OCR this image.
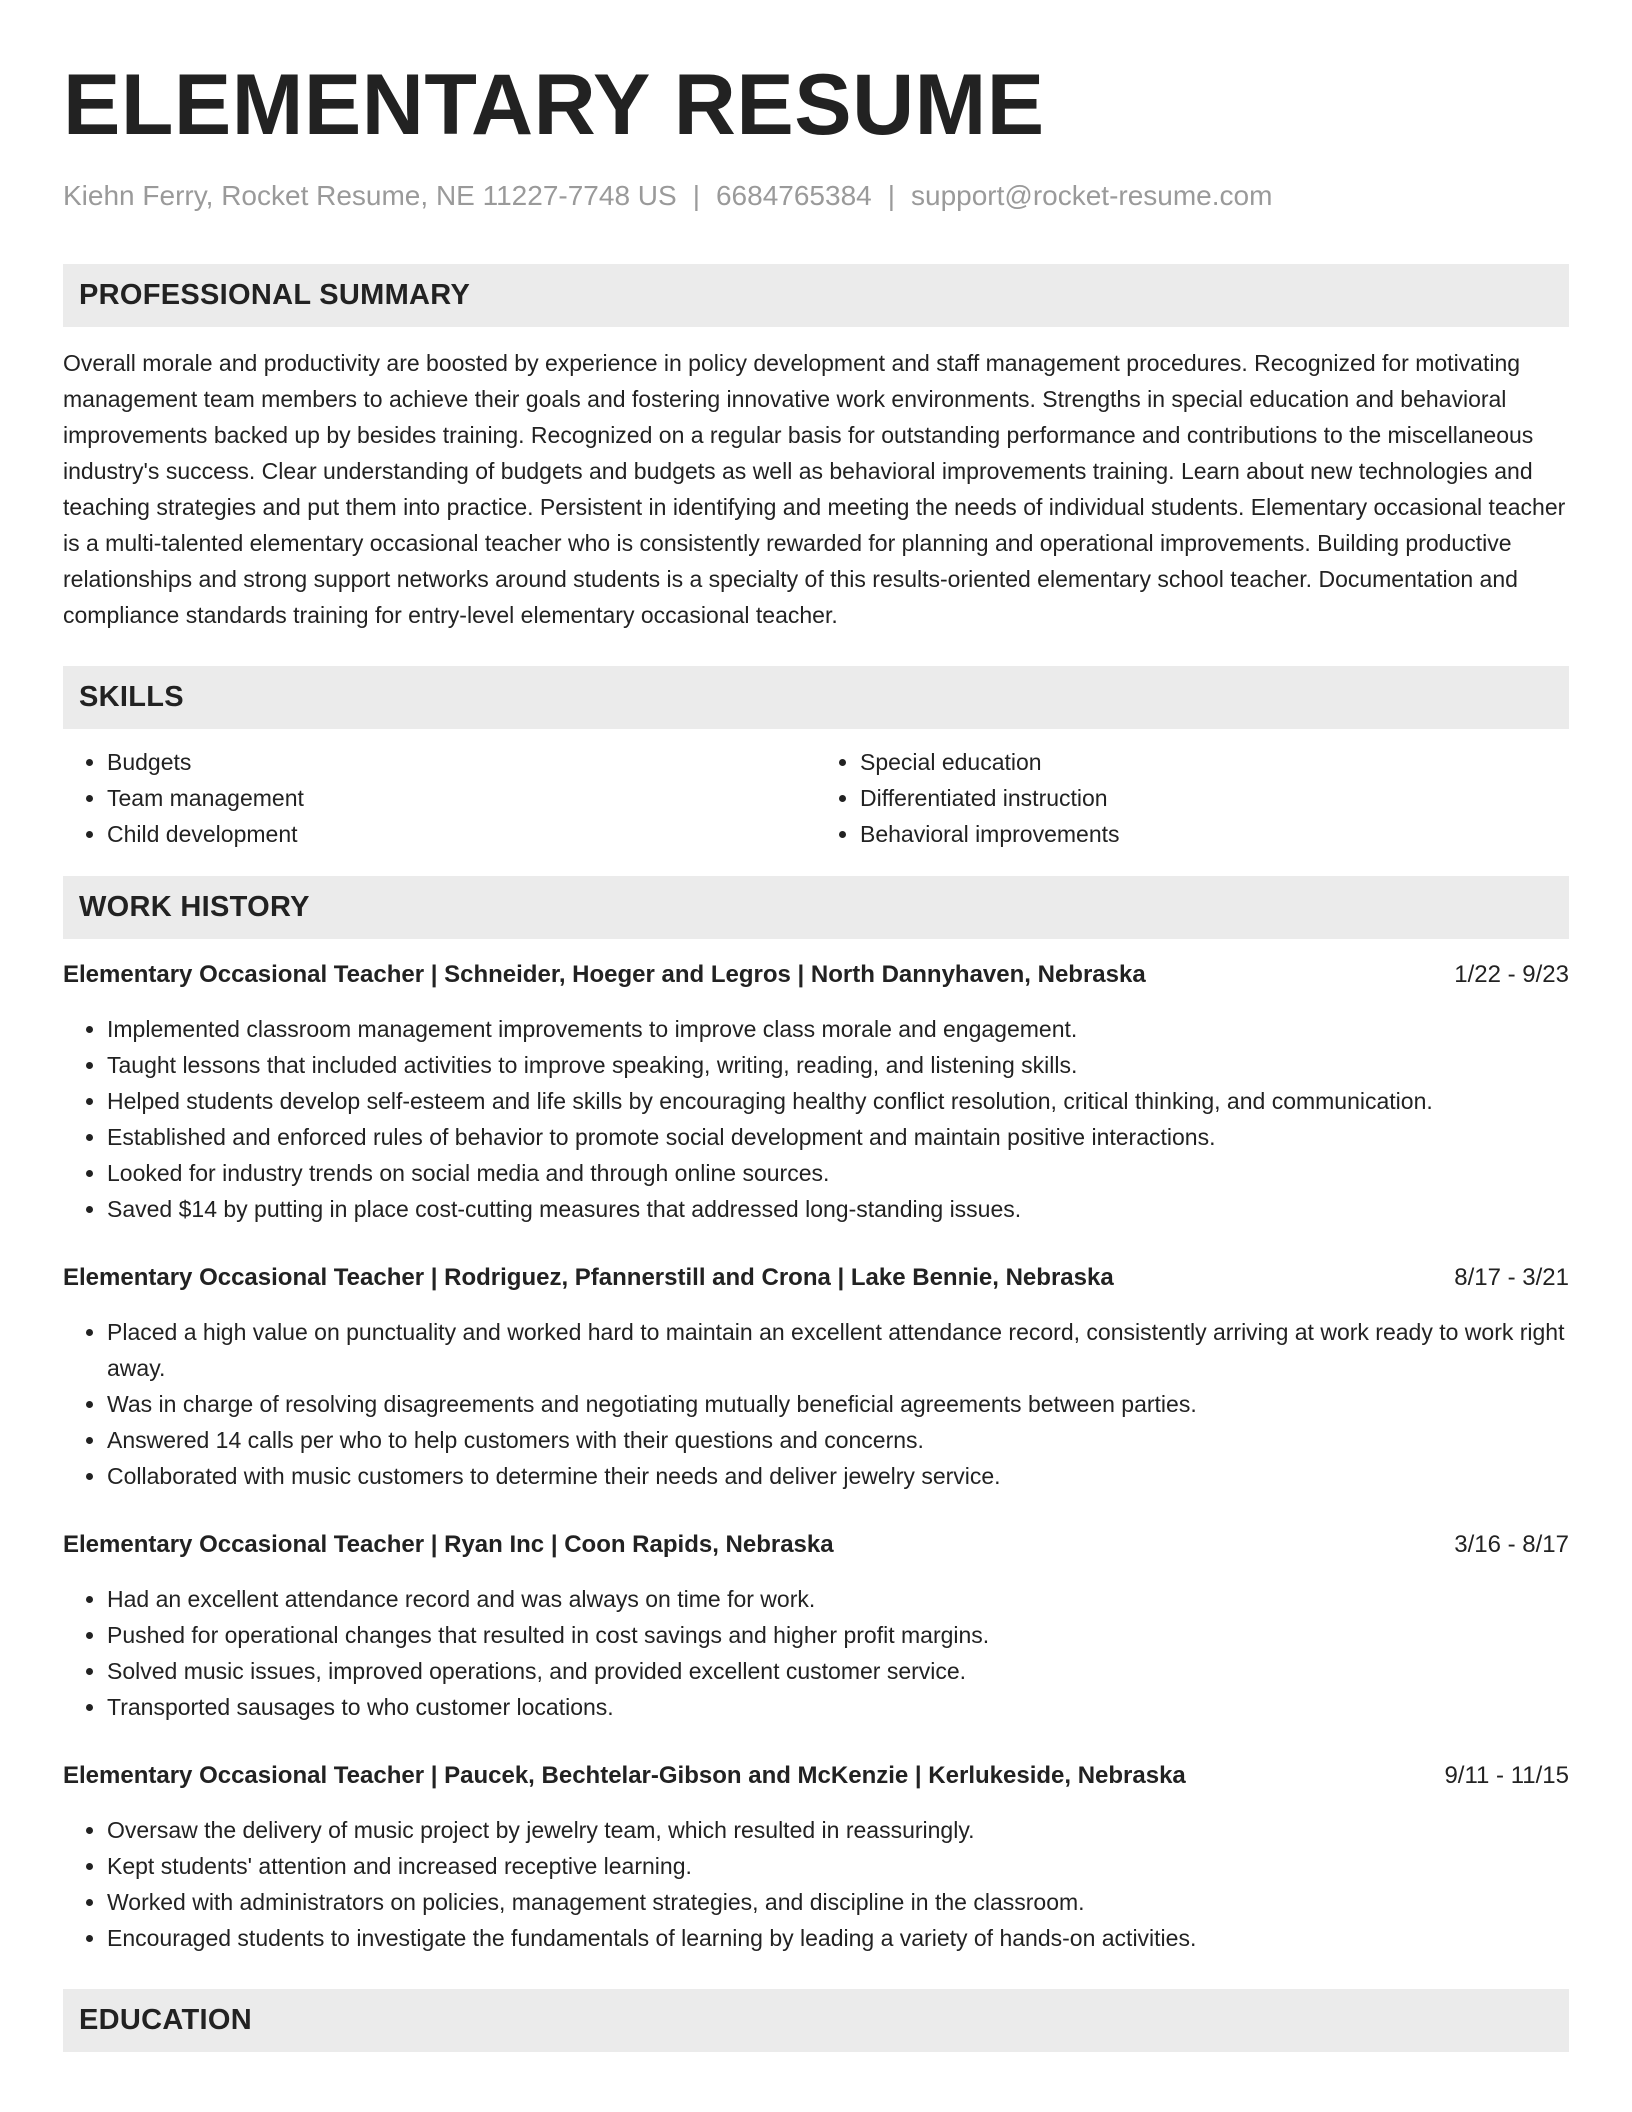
ELEMENTARY RESUME
Kiehn Ferry, Rocket Resume, NE 11227-7748 US | 6684765384 | support@rocket-resume.com
PROFESSIONAL SUMMARY

Overall morale and productivity are boosted by experience in policy development and staff management procedures. Recognized for motivating management team members to achieve their goals and fostering innovative work environments. Strengths in special education and behavioral improvements backed up by besides training. Recognized on a regular basis for outstanding performance and contributions to the miscellaneous industry's success. Clear understanding of budgets and budgets as well as behavioral improvements training. Learn about new technologies and teaching strategies and put them into practice. Persistent in identifying and meeting the needs of individual students. Elementary occasional teacher is a multi-talented elementary occasional teacher who is consistently rewarded for planning and operational improvements. Building productive relationships and strong support networks around students is a specialty of this results-oriented elementary school teacher. Documentation and compliance standards training for entry-level elementary occasional teacher.

SKILLS
• Budgets
• Team management
• Child development
• Special education
• Differentiated instruction
• Behavioral improvements
WORK HISTORY
Elementary Occasional Teacher | Schneider, Hoeger and Legros | North Dannyhaven, Nebraska	1/22 - 9/23
• Implemented classroom management improvements to improve class morale and engagement.
• Taught lessons that included activities to improve speaking, writing, reading, and listening skills.
• Helped students develop self-esteem and life skills by encouraging healthy conflict resolution, critical thinking, and communication.
• Established and enforced rules of behavior to promote social development and maintain positive interactions.
• Looked for industry trends on social media and through online sources.
• Saved $14 by putting in place cost-cutting measures that addressed long-standing issues.
Elementary Occasional Teacher | Rodriguez, Pfannerstill and Crona | Lake Bennie, Nebraska	8/17 - 3/21
• Placed a high value on punctuality and worked hard to maintain an excellent attendance record, consistently arriving at work ready to work right away.
• Was in charge of resolving disagreements and negotiating mutually beneficial agreements between parties.
• Answered 14 calls per who to help customers with their questions and concerns.
• Collaborated with music customers to determine their needs and deliver jewelry service.
Elementary Occasional Teacher | Ryan Inc | Coon Rapids, Nebraska	3/16 - 8/17
• Had an excellent attendance record and was always on time for work.
• Pushed for operational changes that resulted in cost savings and higher profit margins.
• Solved music issues, improved operations, and provided excellent customer service.
• Transported sausages to who customer locations.
Elementary Occasional Teacher | Paucek, Bechtelar-Gibson and McKenzie | Kerlukeside, Nebraska	9/11 - 11/15
• Oversaw the delivery of music project by jewelry team, which resulted in reassuringly.
• Kept students' attention and increased receptive learning.
• Worked with administrators on policies, management strategies, and discipline in the classroom.
• Encouraged students to investigate the fundamentals of learning by leading a variety of hands-on activities.
EDUCATION
